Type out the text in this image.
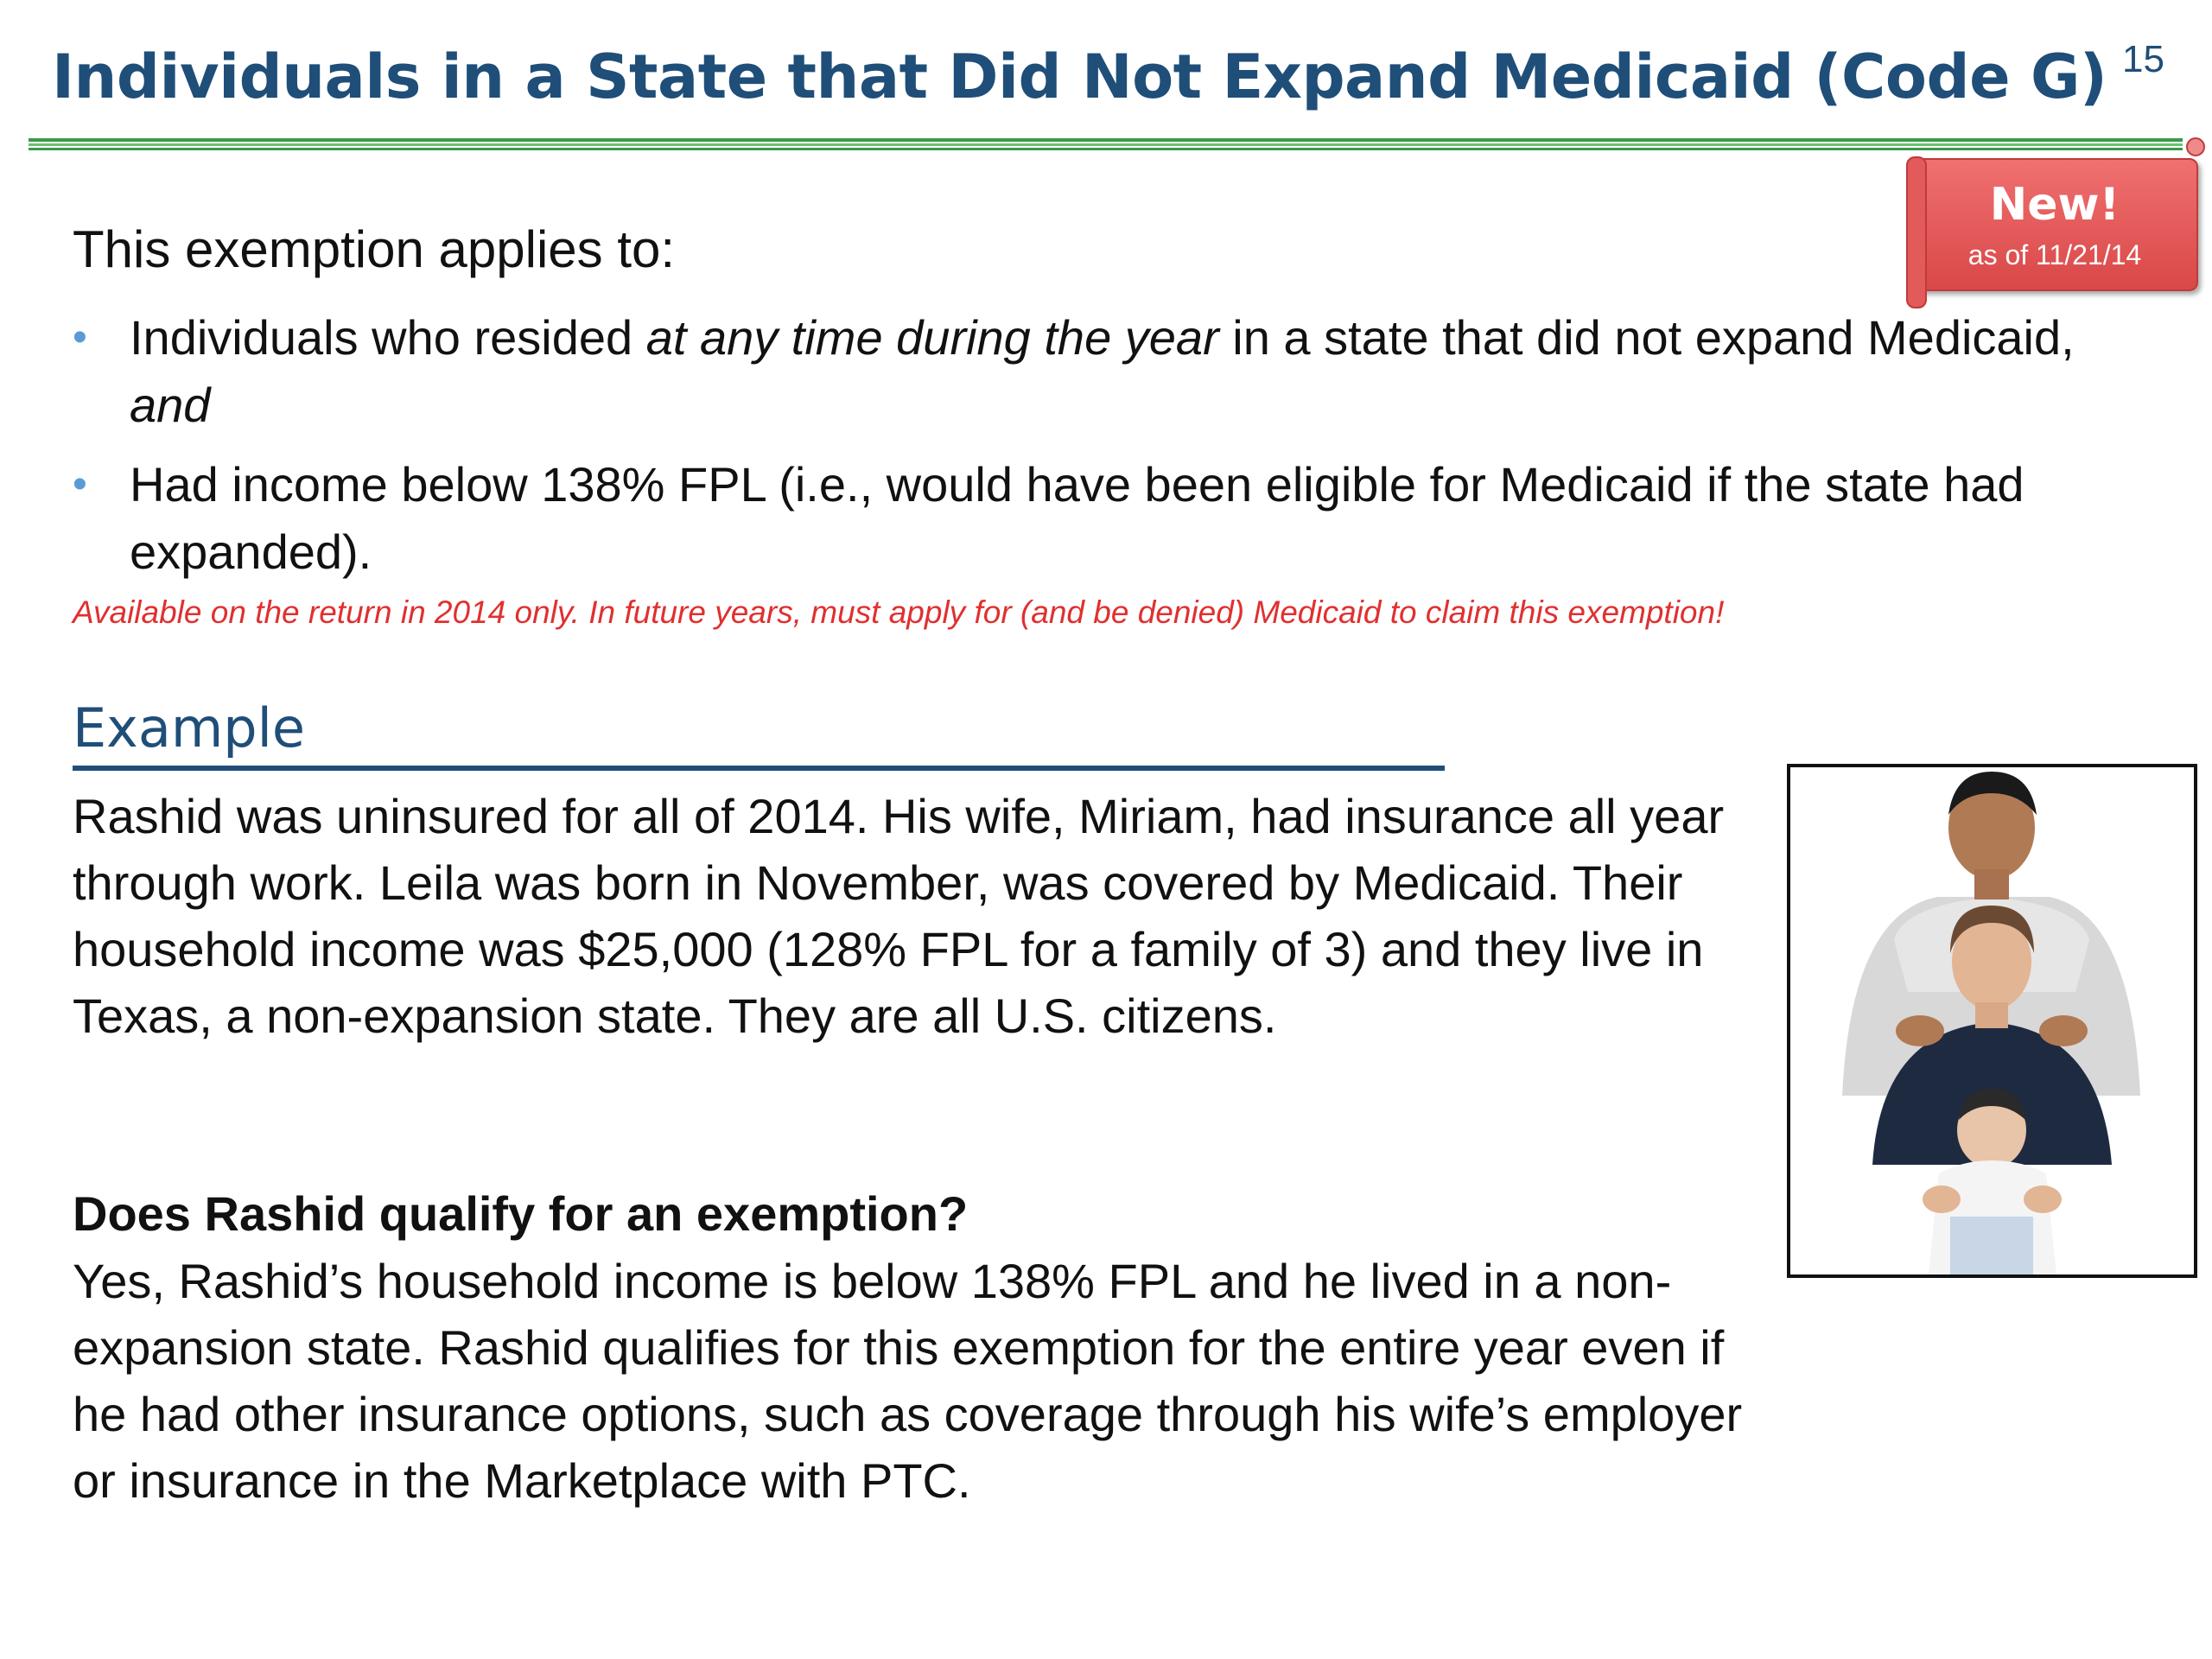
Individuals in a State that Did Not Expand Medicaid (Code G) 15
New!
as of 11/21/14
This exemption applies to:
• Individuals who resided at any time during the year in a state that did not expand Medicaid, and
• Had income below 138% FPL (i.e., would have been eligible for Medicaid if the state had expanded).
Available on the return in 2014 only. In future years, must apply for (and be denied) Medicaid to claim this exemption!
Example

Rashid was uninsured for all of 2014. His wife, Miriam, had insurance all year through work. Leila was born in November, was covered by Medicaid. Their household income was $25,000 (128% FPL for a family of 3) and they live in Texas, a non-expansion state. They are all U.S. citizens.

Does Rashid qualify for an exemption?

Yes, Rashid’s household income is below 138% FPL and he lived in a non-expansion state. Rashid qualifies for this exemption for the entire year even if he had other insurance options, such as coverage through his wife’s employer or insurance in the Marketplace with PTC.
